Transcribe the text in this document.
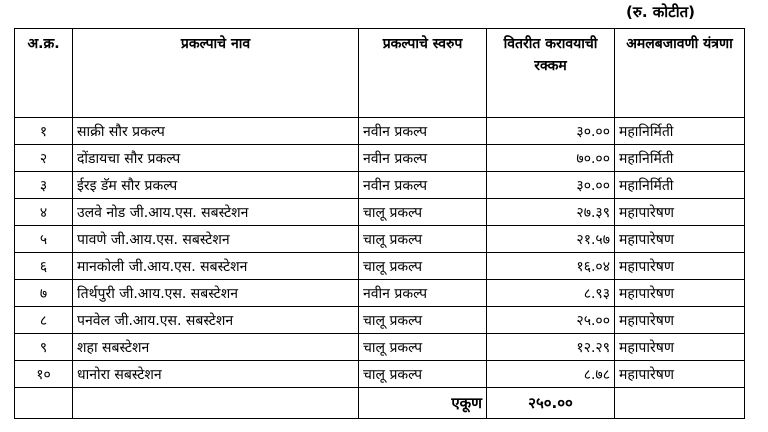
(रु. कोटीत)
अ.क्र.	प्रकल्पाचे नाव	प्रकल्पाचे स्वरुप	वितरीत करावयाची रक्कम	अमलबजावणी यंत्रणा
१	साक्री सौर प्रकल्प	नवीन प्रकल्प	३०.००	महानिर्मिती
२	दोंडायचा सौर प्रकल्प	नवीन प्रकल्प	७०.००	महानिर्मिती
३	ईरइ डॅम सौर प्रकल्प	नवीन प्रकल्प	३०.००	महानिर्मिती
४	उलवे नोड जी.आय.एस. सबस्टेशन	चालू प्रकल्प	२७.३९	महापारेषण
५	पावणे जी.आय.एस. सबस्टेशन	चालू प्रकल्प	२१.५७	महापारेषण
६	मानकोली जी.आय.एस. सबस्टेशन	चालू प्रकल्प	१६.०४	महापारेषण
७	तिर्थपुरी जी.आय.एस. सबस्टेशन	नवीन प्रकल्प	८.९३	महापारेषण
८	पनवेल जी.आय.एस. सबस्टेशन	चालू प्रकल्प	२५.००	महापारेषण
९	शहा सबस्टेशन	चालू प्रकल्प	१२.२९	महापारेषण
१०	धानोरा सबस्टेशन	चालू प्रकल्प	८.७८	महापारेषण
		एकूण	२५०.००	
